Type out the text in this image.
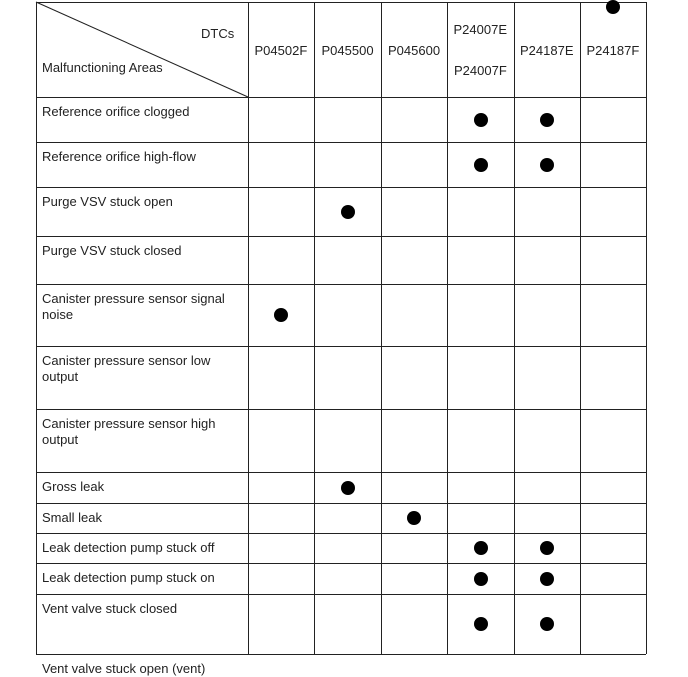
DTCs
Malfunctioning Areas
P04502F P045500 P045600
P24007E
P24007F
P24187E P24187F
Reference orifice clogged
Reference orifice high-flow
Purge VSV stuck open
Purge VSV stuck closed
Canister pressure sensor signal noise
Canister pressure sensor low output
Canister pressure sensor high output
Gross leak
Small leak
Leak detection pump stuck off
Leak detection pump stuck on
Vent valve stuck closed
Vent valve stuck open (vent)
